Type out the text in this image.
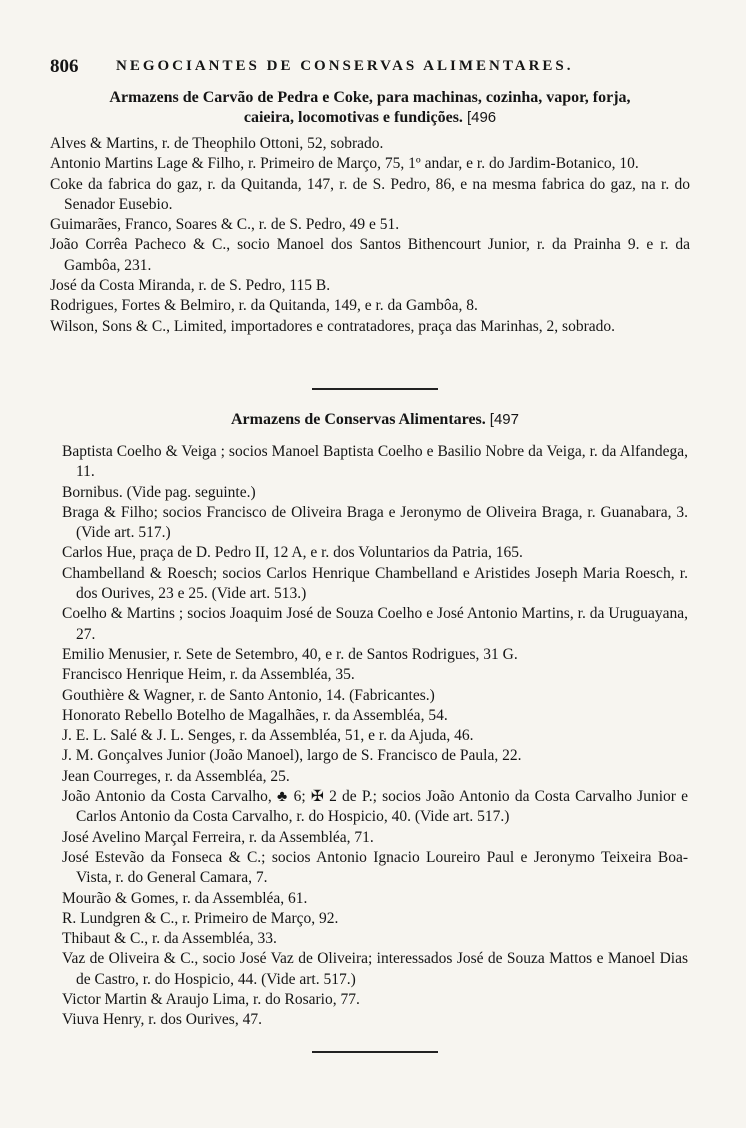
806	NEGOCIANTES DE CONSERVAS ALIMENTARES.
Armazens de Carvão de Pedra e Coke, para machinas, cozinha, vapor, forja,
caieira, locomotivas e fundições. [496
Alves & Martins, r. de Theophilo Ottoni, 52, sobrado.
Antonio Martins Lage & Filho, r. Primeiro de Março, 75, 1º andar, e r. do Jardim-Botanico, 10.
Coke da fabrica do gaz, r. da Quitanda, 147, r. de S. Pedro, 86, e na mesma fabrica do gaz, na r. do Senador Eusebio.
Guimarães, Franco, Soares & C., r. de S. Pedro, 49 e 51.
João Corrêa Pacheco & C., socio Manoel dos Santos Bithencourt Junior, r. da Prainha 9. e r. da Gambôa, 231.
José da Costa Miranda, r. de S. Pedro, 115 B.
Rodrigues, Fortes & Belmiro, r. da Quitanda, 149, e r. da Gambôa, 8.
Wilson, Sons & C., Limited, importadores e contratadores, praça das Marinhas, 2, sobrado.
Armazens de Conservas Alimentares. [497
Baptista Coelho & Veiga ; socios Manoel Baptista Coelho e Basilio Nobre da Veiga, r. da Alfandega, 11.
Bornibus. (Vide pag. seguinte.)
Braga & Filho; socios Francisco de Oliveira Braga e Jeronymo de Oliveira Braga, r. Guanabara, 3. (Vide art. 517.)
Carlos Hue, praça de D. Pedro II, 12 A, e r. dos Voluntarios da Patria, 165.
Chambelland & Roesch; socios Carlos Henrique Chambelland e Aristides Joseph Maria Roesch, r. dos Ourives, 23 e 25. (Vide art. 513.)
Coelho & Martins ; socios Joaquim José de Souza Coelho e José Antonio Martins, r. da Uruguayana, 27.
Emilio Menusier, r. Sete de Setembro, 40, e r. de Santos Rodrigues, 31 G.
Francisco Henrique Heim, r. da Assembléa, 35.
Gouthière & Wagner, r. de Santo Antonio, 14. (Fabricantes.)
Honorato Rebello Botelho de Magalhães, r. da Assembléa, 54.
J. E. L. Salé & J. L. Senges, r. da Assembléa, 51, e r. da Ajuda, 46.
J. M. Gonçalves Junior (João Manoel), largo de S. Francisco de Paula, 22.
Jean Courreges, r. da Assembléa, 25.
João Antonio da Costa Carvalho, ♣ 6; ✠ 2 de P.; socios João Antonio da Costa Carvalho Junior e Carlos Antonio da Costa Carvalho, r. do Hospicio, 40. (Vide art. 517.)
José Avelino Marçal Ferreira, r. da Assembléa, 71.
José Estevão da Fonseca & C.; socios Antonio Ignacio Loureiro Paul e Jeronymo Teixeira Boa-Vista, r. do General Camara, 7.
Mourão & Gomes, r. da Assembléa, 61.
R. Lundgren & C., r. Primeiro de Março, 92.
Thibaut & C., r. da Assembléa, 33.
Vaz de Oliveira & C., socio José Vaz de Oliveira; interessados José de Souza Mattos e Manoel Dias de Castro, r. do Hospicio, 44. (Vide art. 517.)
Victor Martin & Araujo Lima, r. do Rosario, 77.
Viuva Henry, r. dos Ourives, 47.
